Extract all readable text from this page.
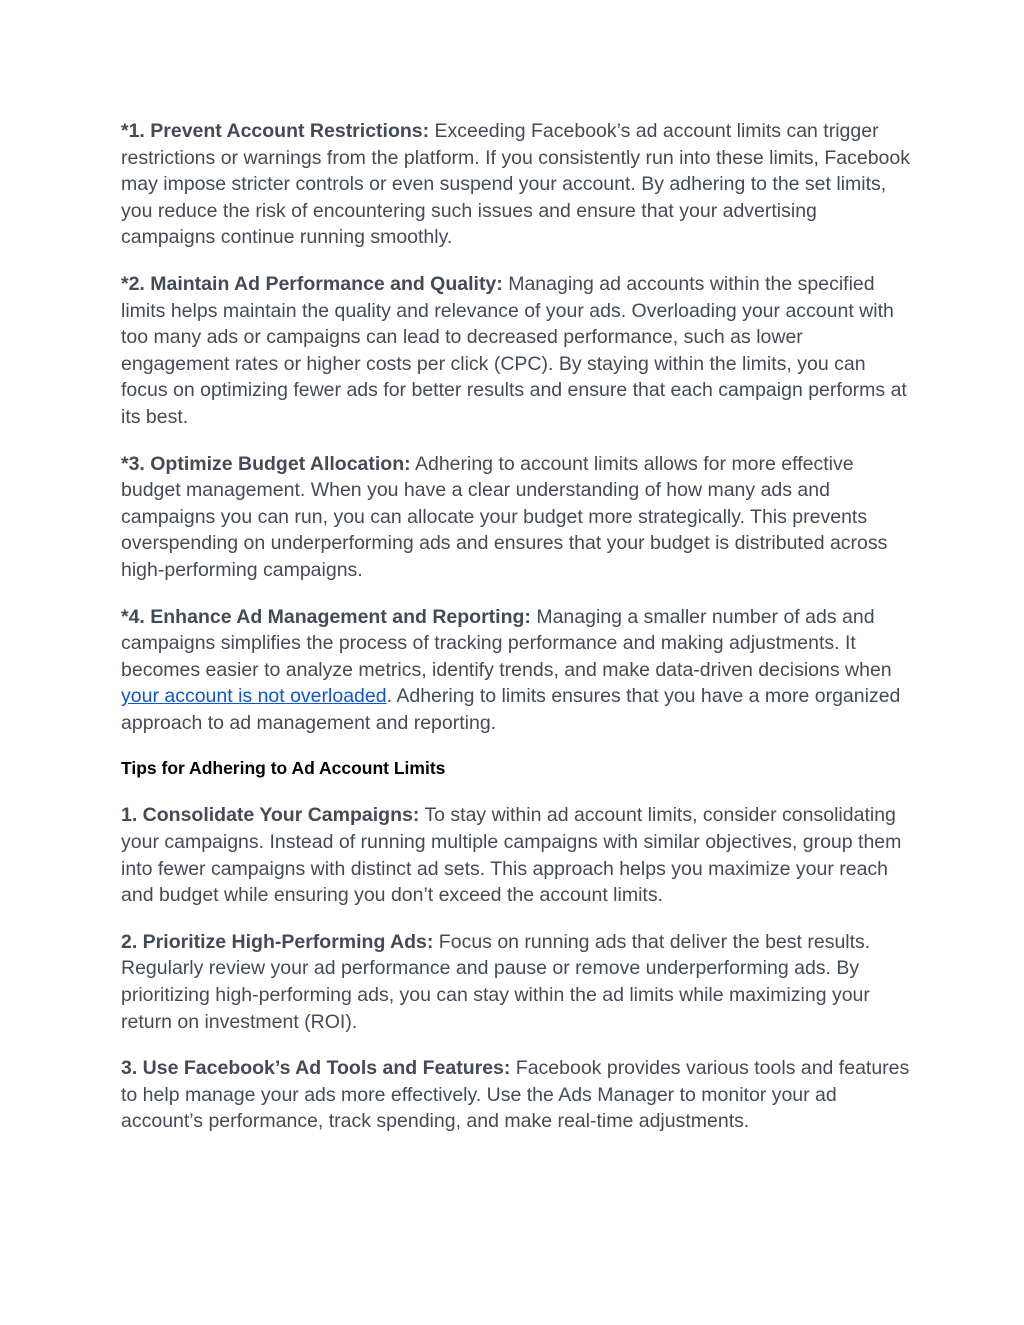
*1. Prevent Account Restrictions: Exceeding Facebook’s ad account limits can trigger restrictions or warnings from the platform. If you consistently run into these limits, Facebook may impose stricter controls or even suspend your account. By adhering to the set limits, you reduce the risk of encountering such issues and ensure that your advertising campaigns continue running smoothly.

*2. Maintain Ad Performance and Quality: Managing ad accounts within the specified limits helps maintain the quality and relevance of your ads. Overloading your account with too many ads or campaigns can lead to decreased performance, such as lower engagement rates or higher costs per click (CPC). By staying within the limits, you can focus on optimizing fewer ads for better results and ensure that each campaign performs at its best.

*3. Optimize Budget Allocation: Adhering to account limits allows for more effective budget management. When you have a clear understanding of how many ads and campaigns you can run, you can allocate your budget more strategically. This prevents overspending on underperforming ads and ensures that your budget is distributed across high-performing campaigns.

*4. Enhance Ad Management and Reporting: Managing a smaller number of ads and campaigns simplifies the process of tracking performance and making adjustments. It becomes easier to analyze metrics, identify trends, and make data-driven decisions when your account is not overloaded. Adhering to limits ensures that you have a more organized approach to ad management and reporting.

Tips for Adhering to Ad Account Limits

1. Consolidate Your Campaigns: To stay within ad account limits, consider consolidating your campaigns. Instead of running multiple campaigns with similar objectives, group them into fewer campaigns with distinct ad sets. This approach helps you maximize your reach and budget while ensuring you don’t exceed the account limits.

2. Prioritize High-Performing Ads: Focus on running ads that deliver the best results. Regularly review your ad performance and pause or remove underperforming ads. By prioritizing high-performing ads, you can stay within the ad limits while maximizing your return on investment (ROI).

3. Use Facebook’s Ad Tools and Features: Facebook provides various tools and features to help manage your ads more effectively. Use the Ads Manager to monitor your ad account’s performance, track spending, and make real-time adjustments.
